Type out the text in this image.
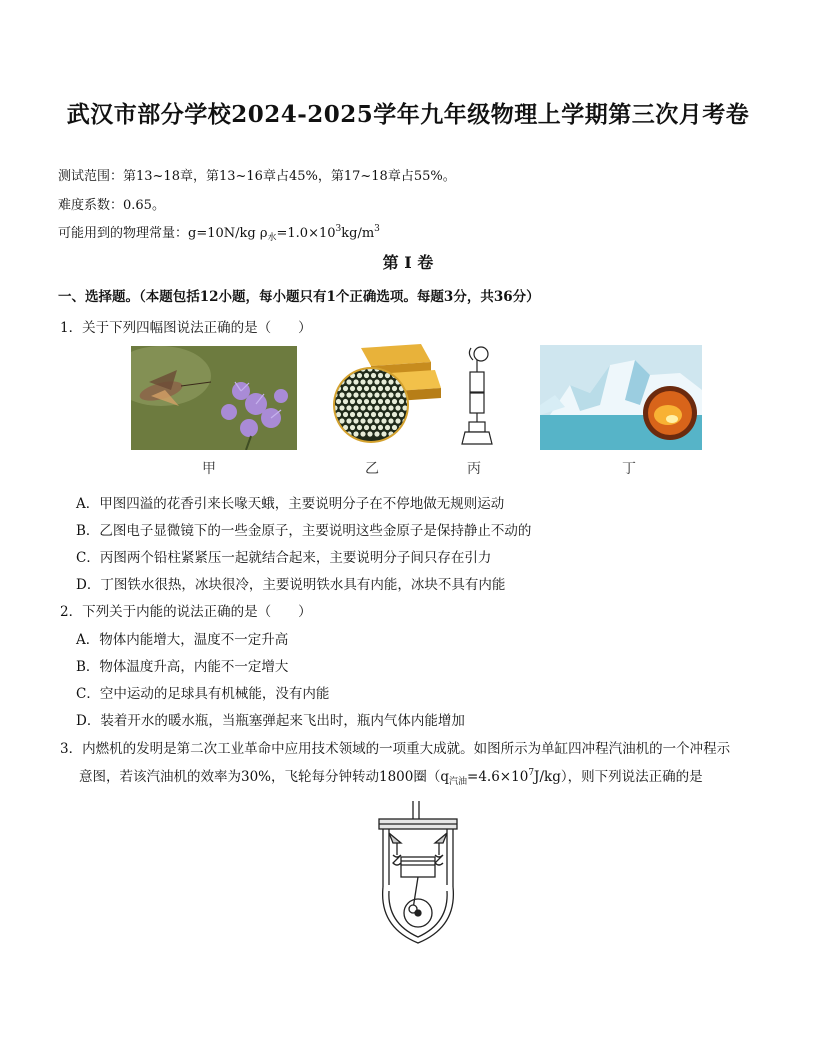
武汉市部分学校2024-2025学年九年级物理上学期第三次月考卷
测试范围：第13~18章，第13~16章占45%，第17~18章占55%。
难度系数：0.65。
可能用到的物理常量：g=10N/kg $\rho_水=1.0\times 10^3kg/m^3$
第 I 卷
一、选择题。（本题包括12小题，每小题只有1个正确选项。每题3分，共36分）
1．关于下列四幅图说法正确的是（　　）
甲	乙	丙	丁
A．甲图四溢的花香引来长喙天蛾，主要说明分子在不停地做无规则运动
B．乙图电子显微镜下的一些金原子，主要说明这些金原子是保持静止不动的
C．丙图两个铅柱紧紧压一起就结合起来，主要说明分子间只存在引力
D．丁图铁水很热，冰块很冷，主要说明铁水具有内能，冰块不具有内能
2．下列关于内能的说法正确的是（　　）
A．物体内能增大，温度不一定升高
B．物体温度升高，内能不一定增大
C．空中运动的足球具有机械能，没有内能
D．装着开水的暖水瓶，当瓶塞弹起来飞出时，瓶内气体内能增加
3．内燃机的发明是第二次工业革命中应用技术领域的一项重大成就。如图所示为单缸四冲程汽油机的一个冲程示
意图，若该汽油机的效率为30%，飞轮每分钟转动1800圈$(q_{汽油}=4.6\times 10^7J/kg)$，则下列说法正确的是
